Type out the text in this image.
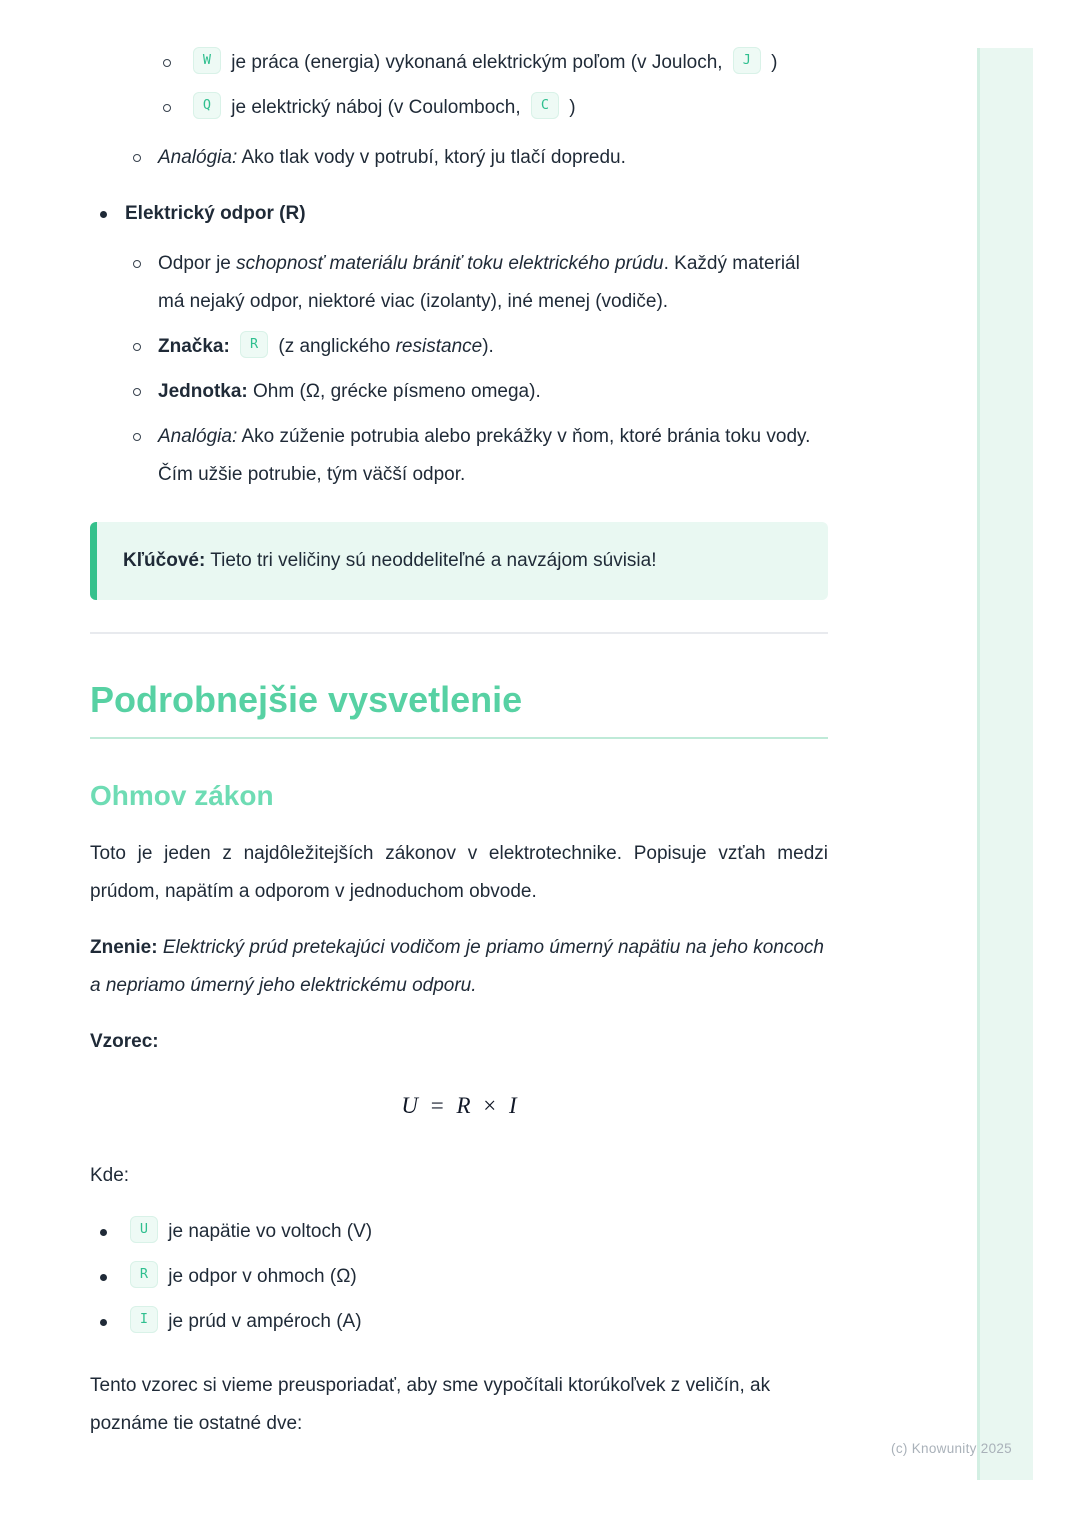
W je práca (energia) vykonaná elektrickým poľom (v Jouloch, J )
Q je elektrický náboj (v Coulomboch, C )
Analógia: Ako tlak vody v potrubí, ktorý ju tlačí dopredu.
Elektrický odpor (R)
Odpor je schopnosť materiálu brániť toku elektrického prúdu. Každý materiál má nejaký odpor, niektoré viac (izolanty), iné menej (vodiče).
Značka: R (z anglického resistance).
Jednotka: Ohm (Ω, grécke písmeno omega).
Analógia: Ako zúženie potrubia alebo prekážky v ňom, ktoré bránia toku vody. Čím užšie potrubie, tým väčší odpor.
Kľúčové: Tieto tri veličiny sú neoddeliteľné a navzájom súvisia!
Podrobnejšie vysvetlenie
Ohmov zákon

Toto je jeden z najdôležitejších zákonov v elektrotechnike. Popisuje vzťah medzi prúdom, napätím a odporom v jednoduchom obvode.

Znenie: Elektrický prúd pretekajúci vodičom je priamo úmerný napätiu na jeho koncoch a nepriamo úmerný jeho elektrickému odporu.

Vzorec:

U = R × I

Kde:

U je napätie vo voltoch (V)
R je odpor v ohmoch (Ω)
I je prúd v ampéroch (A)

Tento vzorec si vieme preusporiadať, aby sme vypočítali ktorúkoľvek z veličín, ak poznáme tie ostatné dve:

(c) Knowunity 2025
